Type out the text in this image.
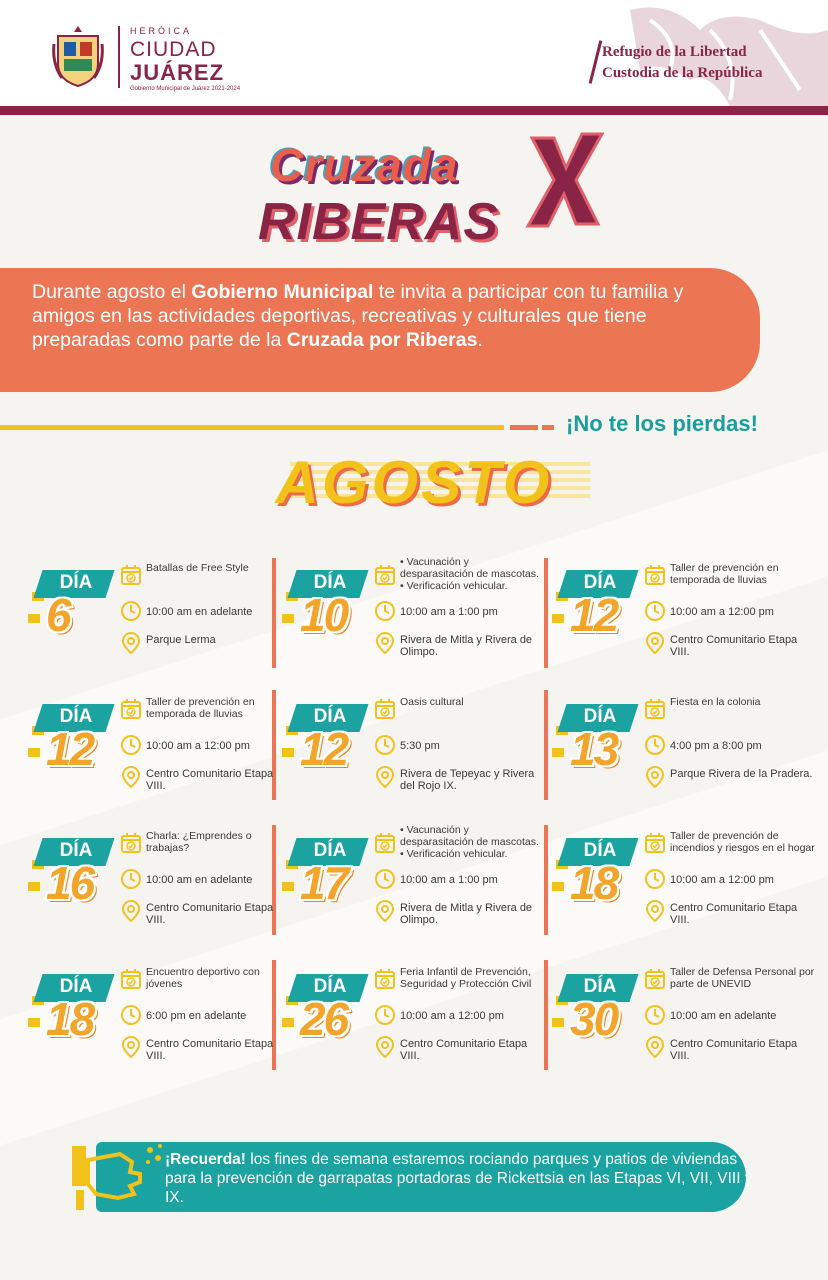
HERÓICA
CIUDAD
JUÁREZ
Gobierno Municipal de Juárez 2021-2024
Refugio de la Libertad
Custodia de la República
Cruzada
RIBERAS
Durante agosto el Gobierno Municipal te invita a participar con tu familia y amigos en las actividades deportivas, recreativas y culturales que tiene preparadas como parte de la Cruzada por Riberas.
¡No te los pierdas!
AGOSTO
DÍA
6
Batallas de Free Style
10:00 am en adelante
Parque Lerma
DÍA
10
• Vacunación y desparasitación de mascotas.
• Verificación vehicular.
10:00 am a 1:00 pm
Rivera de Mitla y Rivera de Olimpo.
DÍA
12
Taller de prevención en temporada de lluvias
10:00 am a 12:00 pm
Centro Comunitario Etapa VIII.
DÍA
12
Taller de prevención en temporada de lluvias
10:00 am a 12:00 pm
Centro Comunitario Etapa VIII.
DÍA
12
Oasis cultural
5:30 pm
Rivera de Tepeyac y Rivera del Rojo IX.
DÍA
13
Fiesta en la colonia
4:00 pm a 8:00 pm
Parque Rivera de la Pradera.
DÍA
16
Charla: ¿Emprendes o trabajas?
10:00 am en adelante
Centro Comunitario Etapa VIII.
DÍA
17
• Vacunación y desparasitación de mascotas.
• Verificación vehicular.
10:00 am a 1:00 pm
Rivera de Mitla y Rivera de Olimpo.
DÍA
18
Taller de prevención de incendios y riesgos en el hogar
10:00 am a 12:00 pm
Centro Comunitario Etapa VIII.
DÍA
18
Encuentro deportivo con jóvenes
6:00 pm en adelante
Centro Comunitario Etapa VIII.
DÍA
26
Feria Infantil de Prevención, Seguridad y Protección Civil
10:00 am a 12:00 pm
Centro Comunitario Etapa VIII.
DÍA
30
Taller de Defensa Personal por parte de UNEVID
10:00 am en adelante
Centro Comunitario Etapa VIII.
¡Recuerda! los fines de semana estaremos rociando parques y patios de viviendas para la prevención de garrapatas portadoras de Rickettsia en las Etapas VI, VII, VIII y IX.
